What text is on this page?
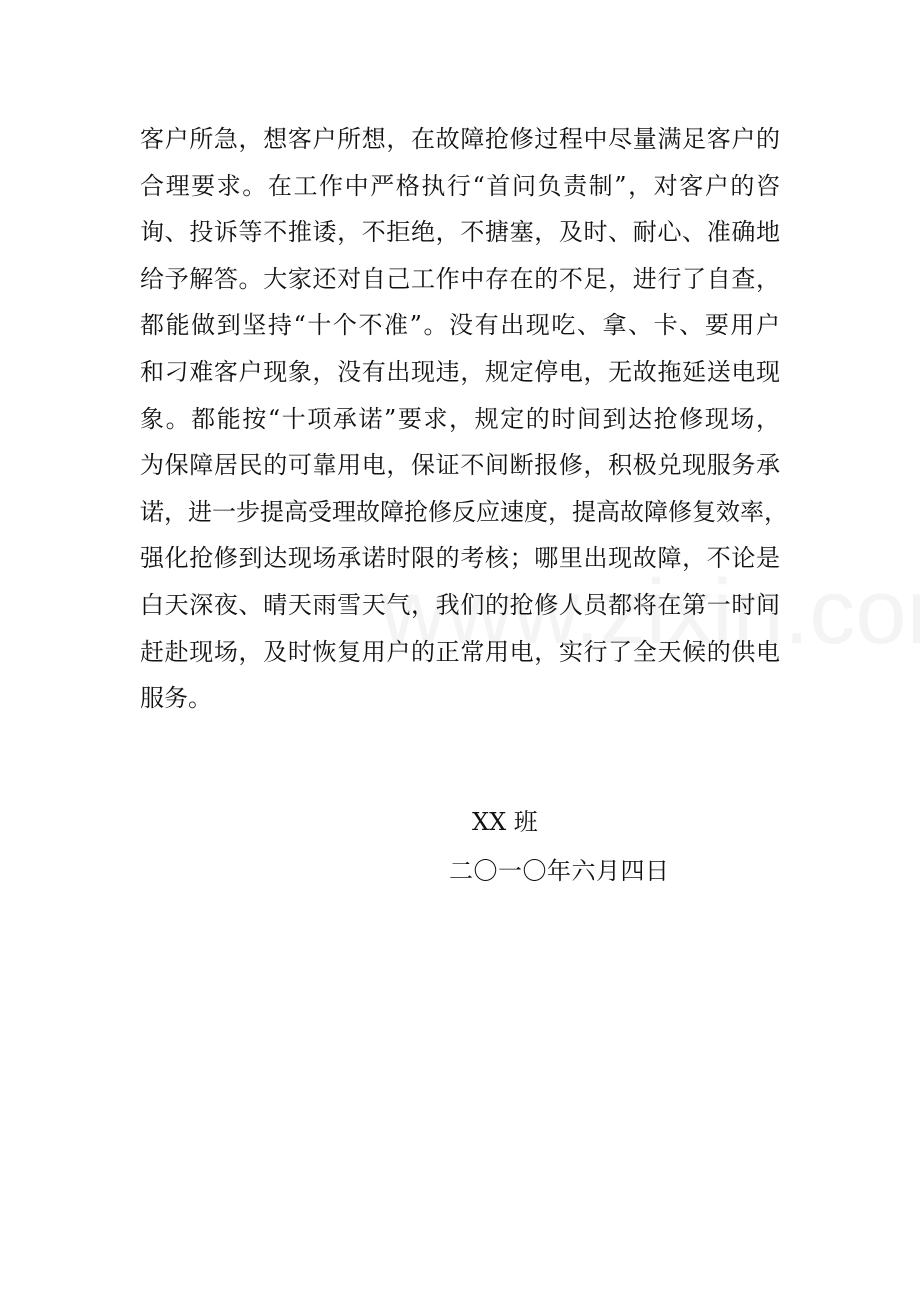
客户所急，想客户所想，在故障抢修过程中尽量满足客户的
合理要求。在工作中严格执行“首问负责制”，对客户的咨
询、投诉等不推诿，不拒绝，不搪塞，及时、耐心、准确地
给予解答。大家还对自己工作中存在的不足，进行了自查，
都能做到坚持“十个不准”。没有出现吃、拿、卡、要用户
和刁难客户现象，没有出现违，规定停电，无故拖延送电现
象。都能按“十项承诺”要求，规定的时间到达抢修现场，
为保障居民的可靠用电，保证不间断报修，积极兑现服务承
诺，进一步提高受理故障抢修反应速度，提高故障修复效率，
强化抢修到达现场承诺时限的考核；哪里出现故障，不论是
白天深夜、晴天雨雪天气，我们的抢修人员都将在第一时间
赶赴现场，及时恢复用户的正常用电，实行了全天候的供电
服务。
XX 班
二〇一〇年六月四日
